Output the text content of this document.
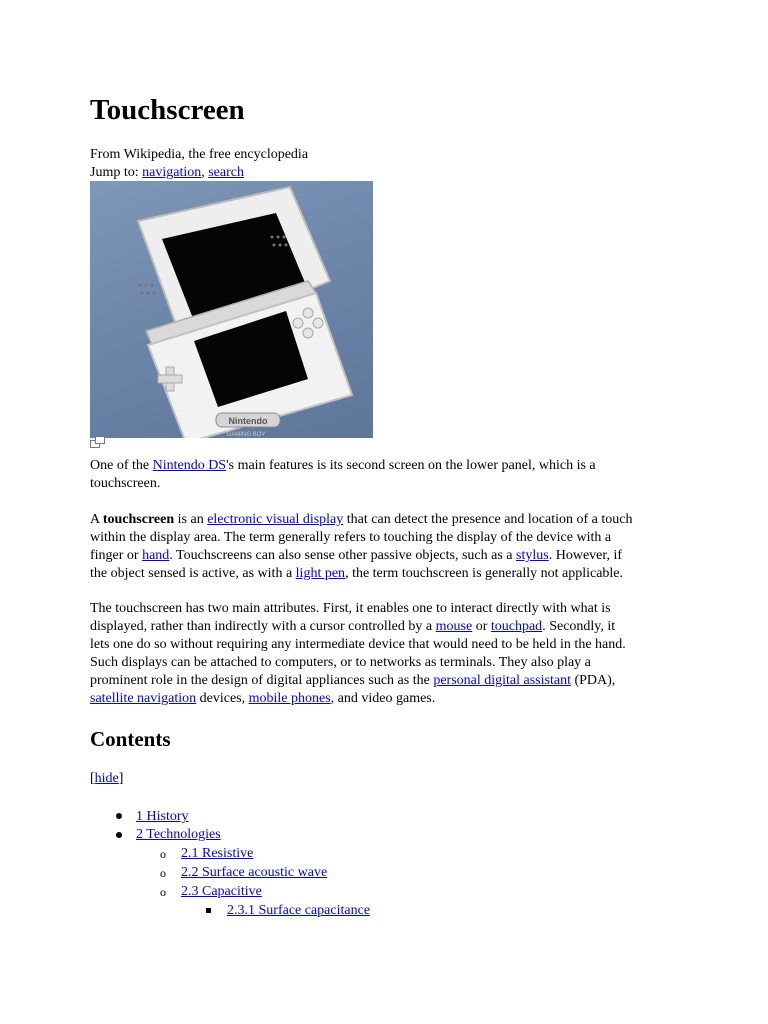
Touchscreen
From Wikipedia, the free encyclopedia
Jump to: navigation, search
Nintendo
GAMING BOY

One of the Nintendo DS's main features is its second screen on the lower panel, which is a
touchscreen.

A touchscreen is an electronic visual display that can detect the presence and location of a touch
within the display area. The term generally refers to touching the display of the device with a
finger or hand. Touchscreens can also sense other passive objects, such as a stylus. However, if
the object sensed is active, as with a light pen, the term touchscreen is generally not applicable.

The touchscreen has two main attributes. First, it enables one to interact directly with what is
displayed, rather than indirectly with a cursor controlled by a mouse or touchpad. Secondly, it
lets one do so without requiring any intermediate device that would need to be held in the hand.
Such displays can be attached to computers, or to networks as terminals. They also play a
prominent role in the design of digital appliances such as the personal digital assistant (PDA),
satellite navigation devices, mobile phones, and video games.

Contents
[hide]
1 History
2 Technologies
o 2.1 Resistive
o 2.2 Surface acoustic wave
o 2.3 Capacitive
2.3.1 Surface capacitance
